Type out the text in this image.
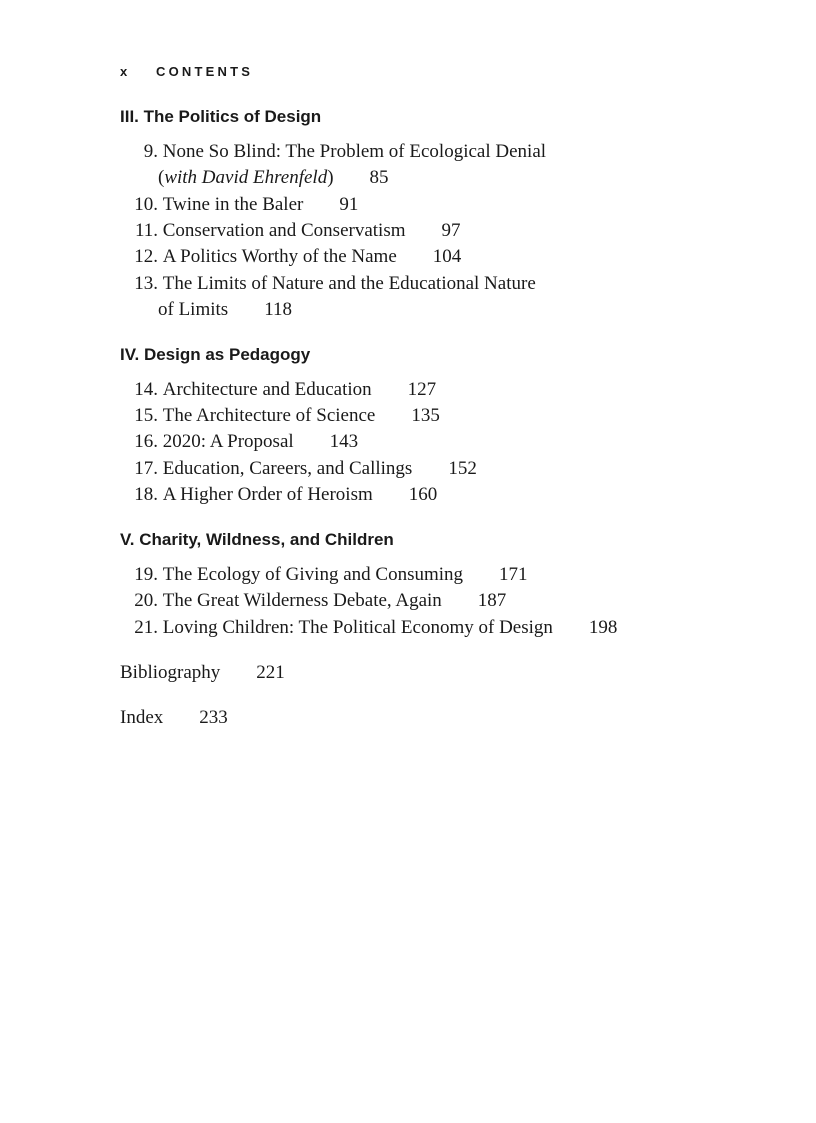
x CONTENTS
III. The Politics of Design
9. None So Blind: The Problem of Ecological Denial
(with David Ehrenfeld) 85
10. Twine in the Baler 91
11. Conservation and Conservatism 97
12. A Politics Worthy of the Name 104
13. The Limits of Nature and the Educational Nature
of Limits 118
IV. Design as Pedagogy
14. Architecture and Education 127
15. The Architecture of Science 135
16. 2020: A Proposal 143
17. Education, Careers, and Callings 152
18. A Higher Order of Heroism 160
V. Charity, Wildness, and Children
19. The Ecology of Giving and Consuming 171
20. The Great Wilderness Debate, Again 187
21. Loving Children: The Political Economy of Design 198
Bibliography 221
Index 233
